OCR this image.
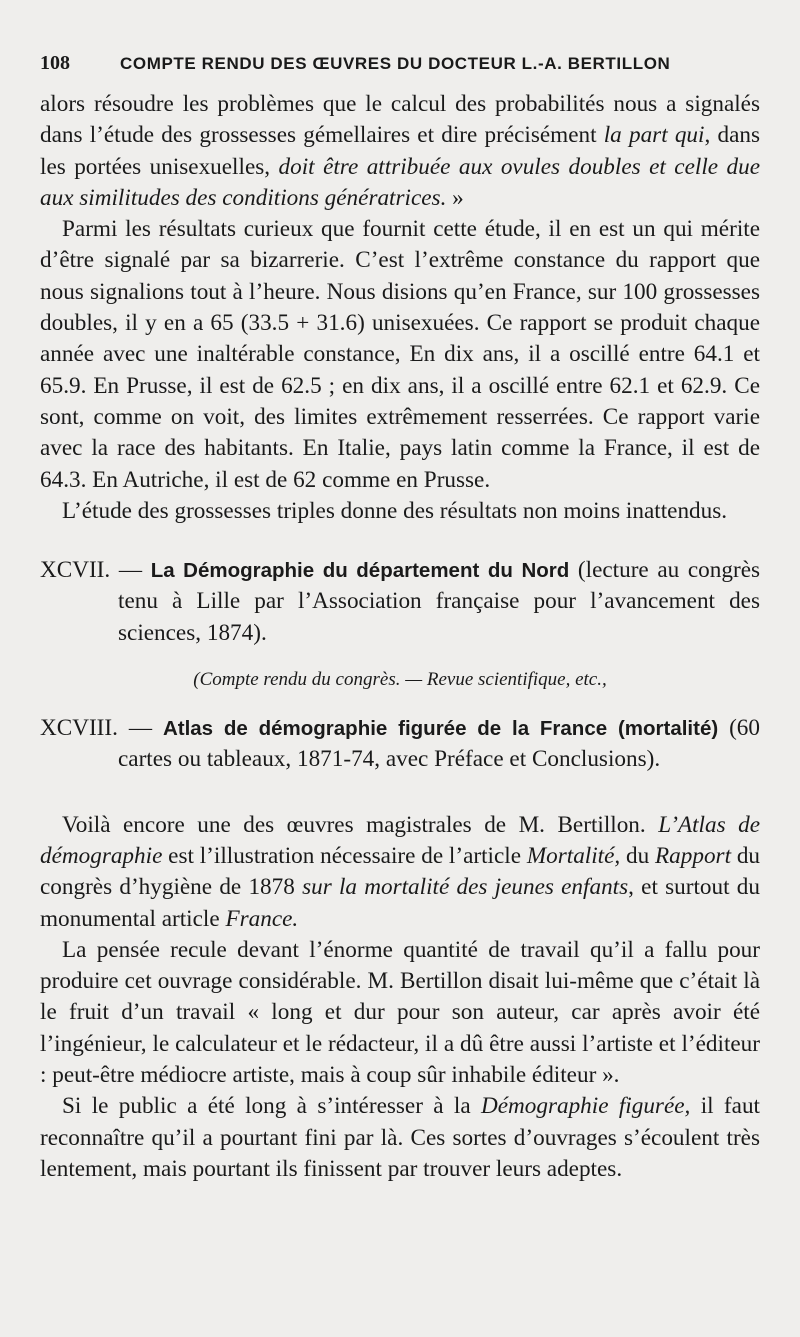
108	COMPTE RENDU DES ŒUVRES DU DOCTEUR L.-A. BERTILLON

alors résoudre les problèmes que le calcul des probabilités nous a signalés dans l’étude des grossesses gémellaires et dire précisément la part qui, dans les portées unisexuelles, doit être attribuée aux ovules doubles et celle due aux similitudes des conditions génératrices. »

Parmi les résultats curieux que fournit cette étude, il en est un qui mérite d’être signalé par sa bizarrerie. C’est l’extrême constance du rapport que nous signalions tout à l’heure. Nous disions qu’en France, sur 100 grossesses doubles, il y en a 65 (33.5 + 31.6) unisexuées. Ce rapport se produit chaque année avec une inaltérable constance, En dix ans, il a oscillé entre 64.1 et 65.9. En Prusse, il est de 62.5 ; en dix ans, il a oscillé entre 62.1 et 62.9. Ce sont, comme on voit, des limites extrêmement resserrées. Ce rapport varie avec la race des habitants. En Italie, pays latin comme la France, il est de 64.3. En Autriche, il est de 62 comme en Prusse.

L’étude des grossesses triples donne des résultats non moins inattendus.

XCVII. — La Démographie du département du Nord (lecture au congrès tenu à Lille par l’Association française pour l’avancement des sciences, 1874).
(Compte rendu du congrès. — Revue scientifique, etc.,
XCVIII. — Atlas de démographie figurée de la France (mortalité) (60 cartes ou tableaux, 1871-74, avec Préface et Conclusions).

Voilà encore une des œuvres magistrales de M. Bertillon. L’Atlas de démographie est l’illustration nécessaire de l’article Mortalité, du Rapport du congrès d’hygiène de 1878 sur la mortalité des jeunes enfants, et surtout du monumental article France.

La pensée recule devant l’énorme quantité de travail qu’il a fallu pour produire cet ouvrage considérable. M. Bertillon disait lui-même que c’était là le fruit d’un travail « long et dur pour son auteur, car après avoir été l’ingénieur, le calculateur et le rédacteur, il a dû être aussi l’artiste et l’éditeur : peut-être médiocre artiste, mais à coup sûr inhabile éditeur ».

Si le public a été long à s’intéresser à la Démographie figurée, il faut reconnaître qu’il a pourtant fini par là. Ces sortes d’ouvrages s’écoulent très lentement, mais pourtant ils finissent par trouver leurs adeptes.
